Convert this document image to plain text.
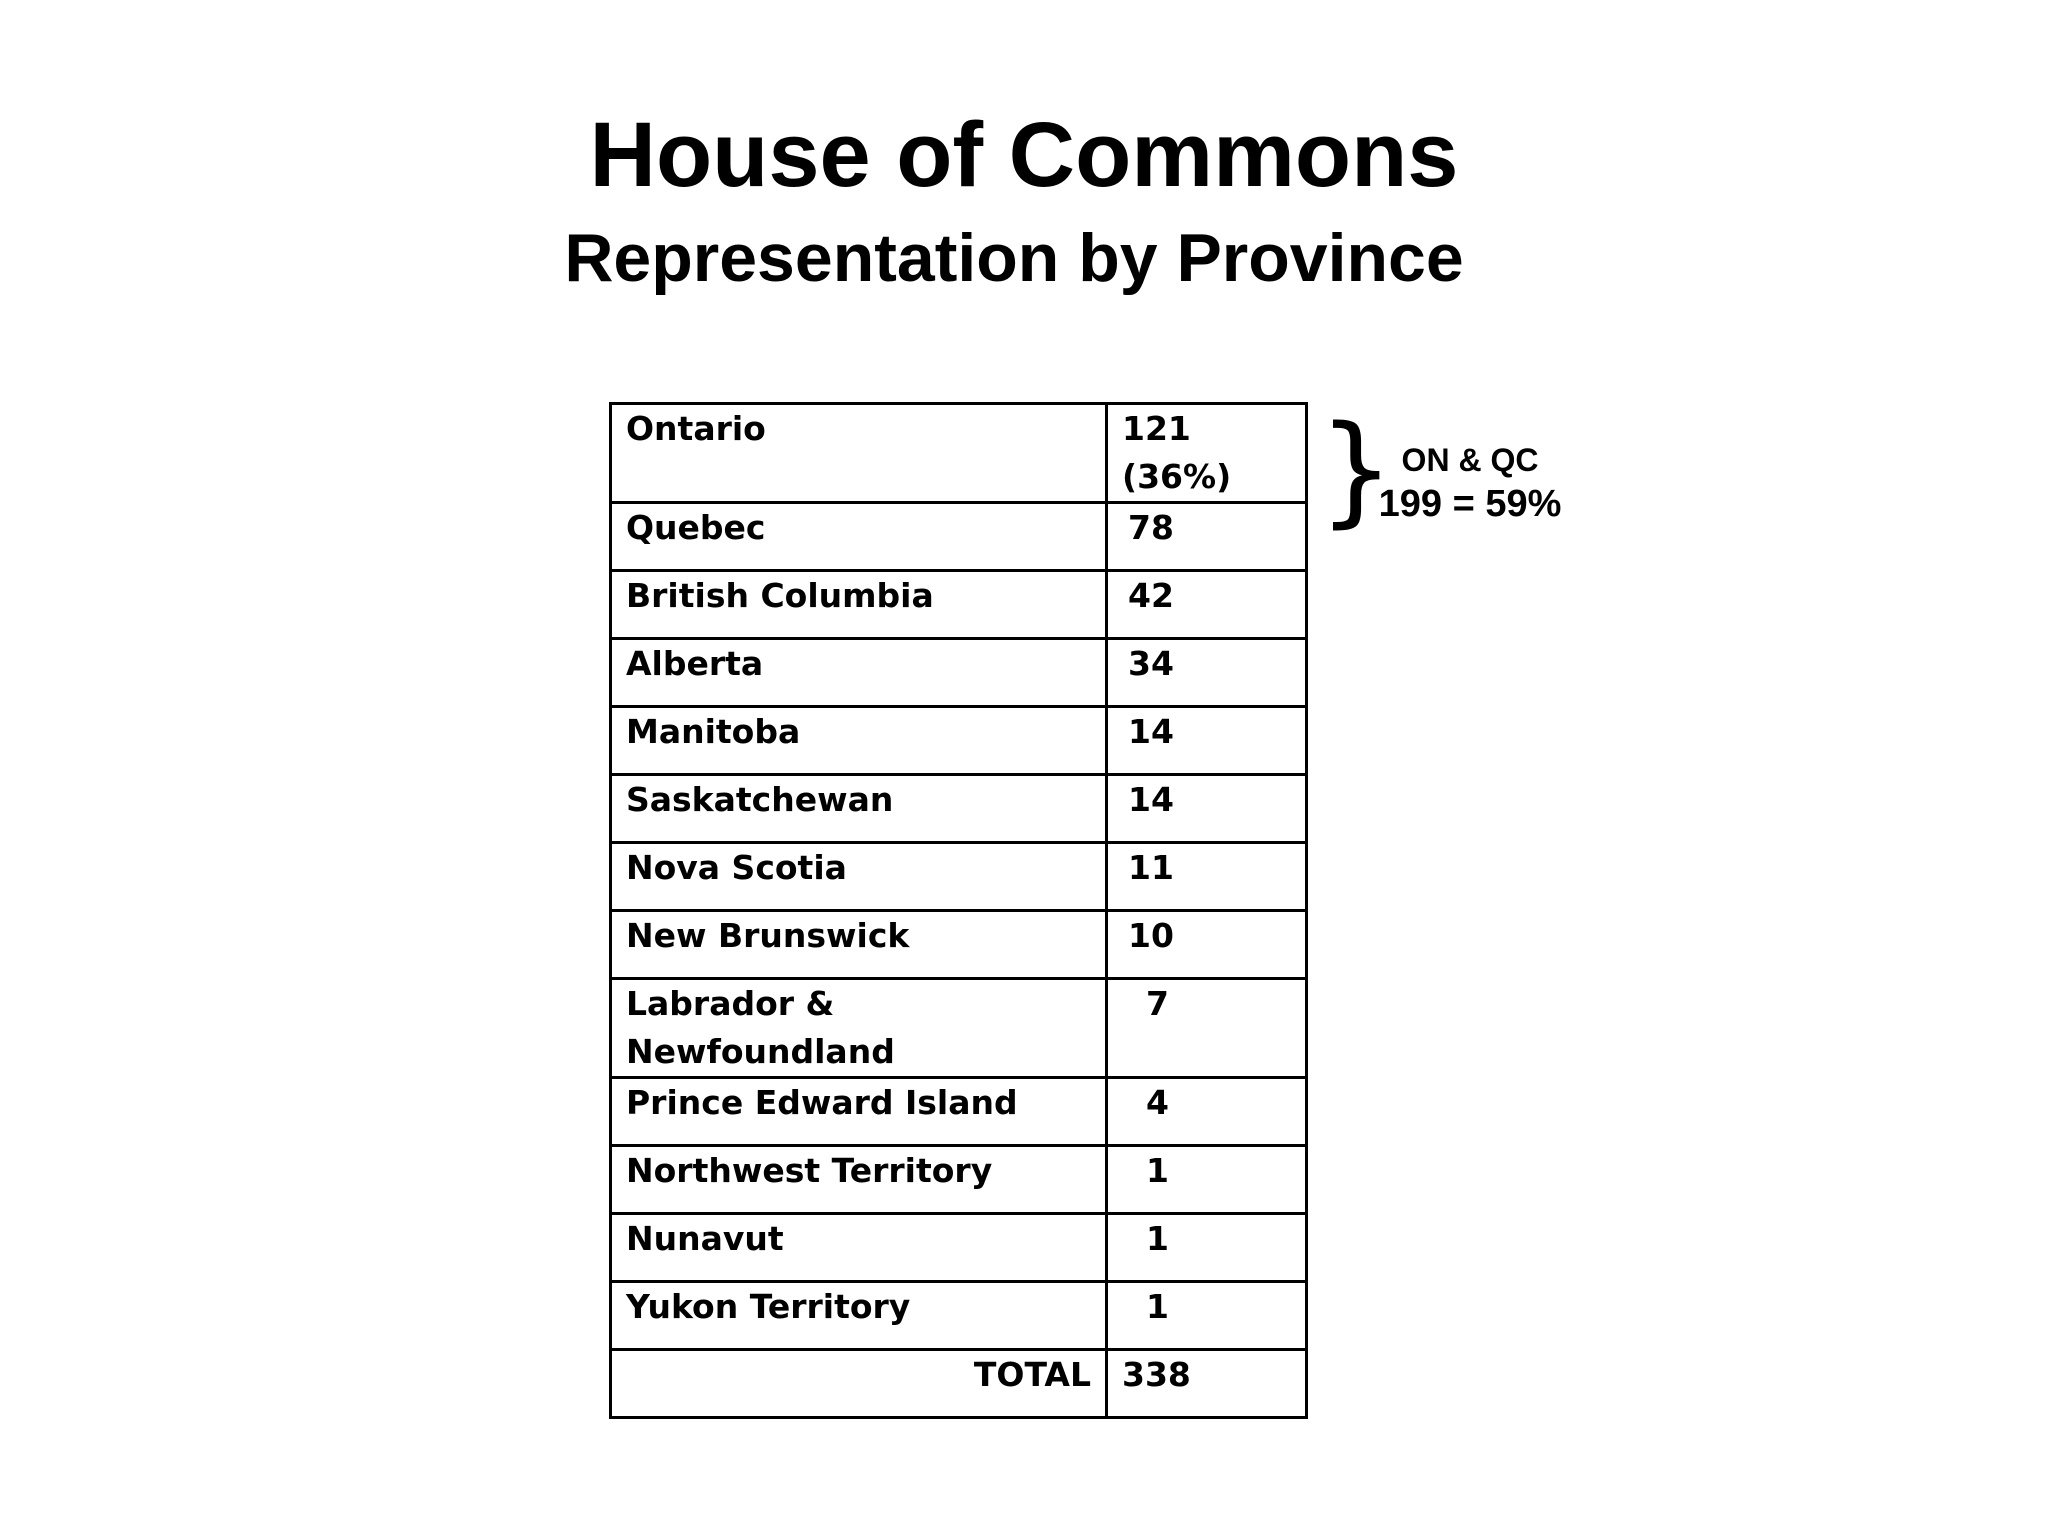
House of Commons
Representation by Province
Ontario	121 (36%)
Quebec	78
British Columbia	42
Alberta	34
Manitoba	14
Saskatchewan	14
Nova Scotia	11
New Brunswick	10
Labrador & Newfoundland	7
Prince Edward Island	4
Northwest Territory	1
Nunavut	1
Yukon Territory	1
TOTAL	338
} ON & QC
199 = 59%
